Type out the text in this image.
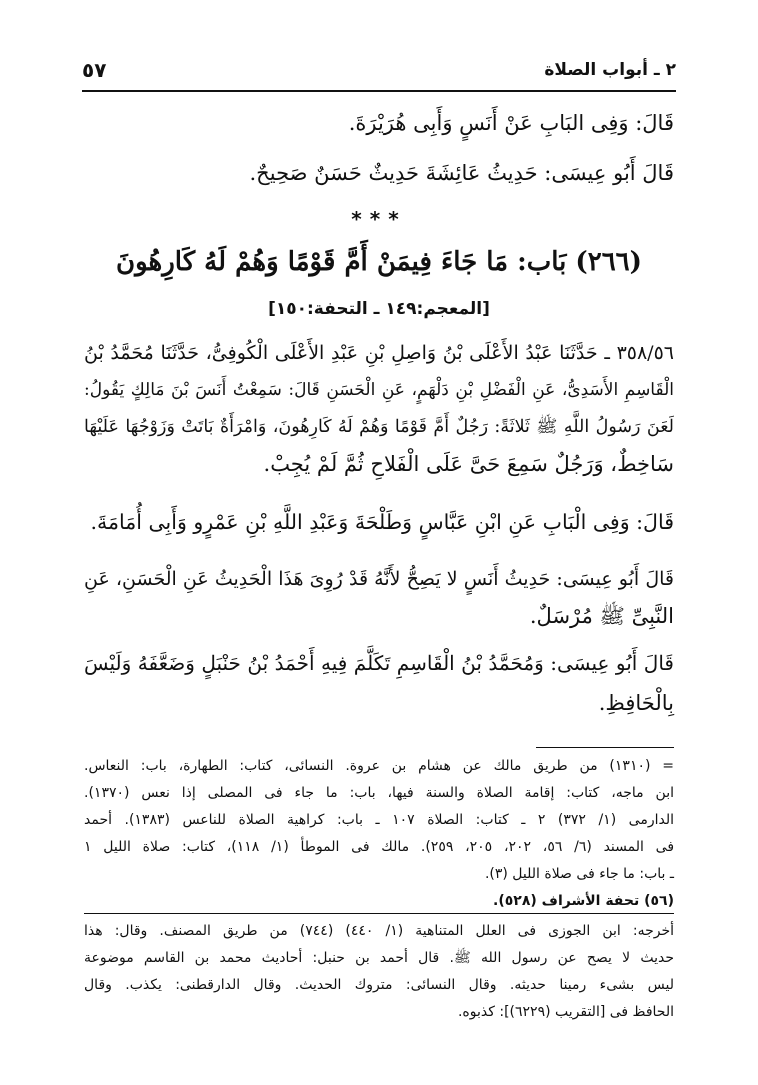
٢ ـ أبواب الصلاة
٥٧
قَالَ: وَفِى البَابِ عَنْ أَنَسٍ وَأَبِى هُرَيْرَةَ.
قَالَ أَبُو عِيسَى: حَدِيثُ عَائِشَةَ حَدِيثٌ حَسَنٌ صَحِيحٌ.
***
(٢٦٦) بَاب: مَا جَاءَ فِيمَنْ أَمَّ قَوْمًا وَهُمْ لَهُ كَارِهُونَ
[المعجم:١٤٩ ـ التحفة:١٥٠]
٣٥٨/٥٦ ـ حَدَّثَنَا عَبْدُ الأَعْلَى بْنُ وَاصِلِ بْنِ عَبْدِ الأَعْلَى الْكُوفِىُّ، حَدَّثَنَا مُحَمَّدُ بْنُ
الْقَاسِمِ الأَسَدِىُّ، عَنِ الْفَضْلِ بْنِ دَلْهَمٍ، عَنِ الْحَسَنِ قَالَ: سَمِعْتُ أَنَسَ بْنَ مَالِكٍ يَقُولُ:
لَعَنَ رَسُولُ اللَّهِ ﷺ ثَلاثَةً: رَجُلٌ أَمَّ قَوْمًا وَهُمْ لَهُ كَارِهُونَ، وَامْرَأَةٌ بَاتَتْ وَزَوْجُهَا عَلَيْهَا
سَاخِطٌ، وَرَجُلٌ سَمِعَ حَىَّ عَلَى الْفَلاحِ ثُمَّ لَمْ يُجِبْ.
قَالَ: وَفِى الْبَابِ عَنِ ابْنِ عَبَّاسٍ وَطَلْحَةَ وَعَبْدِ اللَّهِ بْنِ عَمْرٍو وَأَبِى أُمَامَةَ.
قَالَ أَبُو عِيسَى: حَدِيثُ أَنَسٍ لا يَصِحُّ لأَنَّهُ قَدْ رُوِىَ هَذَا الْحَدِيثُ عَنِ الْحَسَنِ، عَنِ
النَّبِىِّ ﷺ مُرْسَلٌ.
قَالَ أَبُو عِيسَى: وَمُحَمَّدُ بْنُ الْقَاسِمِ تَكَلَّمَ فِيهِ أَحْمَدُ بْنُ حَنْبَلٍ وَضَعَّفَهُ وَلَيْسَ
بِالْحَافِظِ.
= (١٣١٠) من طريق مالك عن هشام بن عروة. النسائى، كتاب: الطهارة، باب: النعاس.
ابن ماجه، كتاب: إقامة الصلاة والسنة فيها، باب: ما جاء فى المصلى إذا نعس (١٣٧٠).
الدارمى (١/ ٣٧٢) ٢ ـ كتاب: الصلاة ١٠٧ ـ باب: كراهية الصلاة للناعس (١٣٨٣). أحمد
فى المسند (٦/ ٥٦، ٢٠٢، ٢٠٥، ٢٥٩). مالك فى الموطأ (١/ ١١٨)، كتاب: صلاة الليل ١
ـ باب: ما جاء فى صلاة الليل (٣).
(٥٦) تحفة الأشراف (٥٢٨).
أخرجه: ابن الجوزى فى العلل المتناهية (١/ ٤٤٠) (٧٤٤) من طريق المصنف. وقال: هذا
حديث لا يصح عن رسول الله ﷺ. قال أحمد بن حنبل: أحاديث محمد بن القاسم موضوعة
ليس بشىء رمينا حديثه. وقال النسائى: متروك الحديث. وقال الدارقطنى: يكذب. وقال
الحافظ فى [التقريب (٦٢٢٩)]: كذبوه.
